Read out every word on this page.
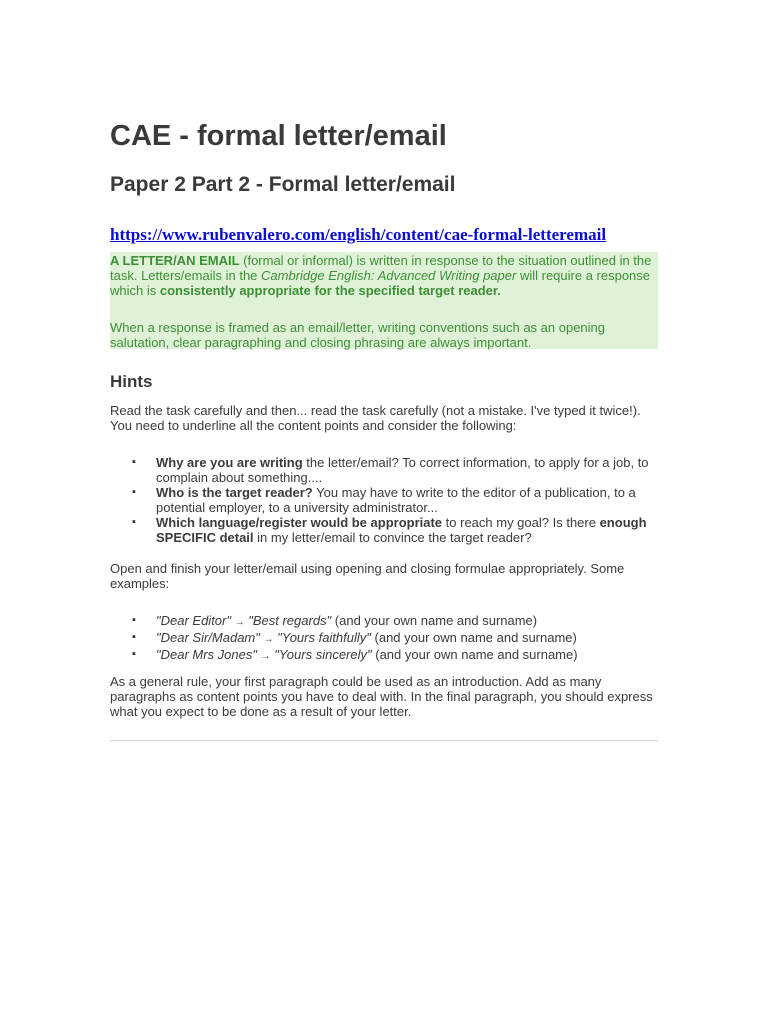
CAE - formal letter/email
Paper 2 Part 2 - Formal letter/email
https://www.rubenvalero.com/english/content/cae-formal-letteremail

A LETTER/AN EMAIL (formal or informal) is written in response to the situation outlined in the task. Letters/emails in the Cambridge English: Advanced Writing paper will require a response which is consistently appropriate for the specified target reader.

When a response is framed as an email/letter, writing conventions such as an opening salutation, clear paragraphing and closing phrasing are always important.

Hints

Read the task carefully and then... read the task carefully (not a mistake. I've typed it twice!). You need to underline all the content points and consider the following:

▪ Why are you are writing the letter/email? To correct information, to apply for a job, to complain about something....
▪ Who is the target reader? You may have to write to the editor of a publication, to a potential employer, to a university administrator...
▪ Which language/register would be appropriate to reach my goal? Is there enough SPECIFIC detail in my letter/email to convince the target reader?

Open and finish your letter/email using opening and closing formulae appropriately. Some examples:

▪ "Dear Editor" → "Best regards" (and your own name and surname)
▪ "Dear Sir/Madam" → "Yours faithfully" (and your own name and surname)
▪ "Dear Mrs Jones" → "Yours sincerely" (and your own name and surname)

As a general rule, your first paragraph could be used as an introduction. Add as many paragraphs as content points you have to deal with. In the final paragraph, you should express what you expect to be done as a result of your letter.
